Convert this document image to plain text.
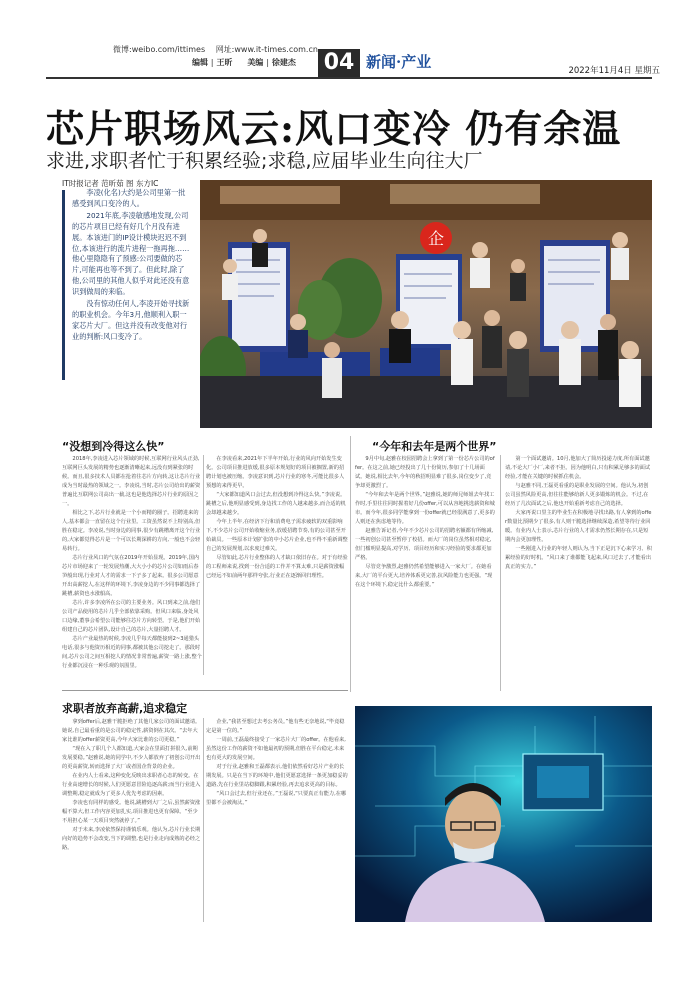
微博:weibo.com/ittimes 网址:www.it-times.com.cn
编辑 | 王昕 美编 | 徐建杰 04 新闻·产业	2022年11月4日 星期五
芯片职场风云:风口变冷 仍有余温
求进,求职者忙于积累经验;求稳,应届毕业生向往大厂
IT时报记者 范昕茹 图 东方IC

李凌(化名)大约是公司里第一批感受到风口变冷的人。

2021年底,李凌敏感地发现,公司的芯片项目已经有好几个月没有进展。本该进门的IP设计模块迟迟不到位,本该进行的流片进程一拖再拖……他心里隐隐有了预感:公司要做的芯片,可能再也等不到了。但此时,除了他,公司里的其他人似乎对此还没有意识到做局的来临。

没有惊动任何人,李凌开始寻找新的职业机会。今年3月,他顺利入职一家芯片大厂。但这并没有改变他对行业的判断:风口变冷了。

企
“没想到冷得这么快”

2018年,李凌进入芯片领域的时候,互联网行业风头正劲,互联网巨头发展的精势也逐渐清晰起来,远没有到紧张的时候。而且,很多技术人员都在抢着往芯片方向转,这让芯片行业成为当时最热的领域之一。李凌说,当时,芯片公司给出的薪资普遍比互联网公司高出一截,这也是他选择芯片行业的原因之一。

相比之下,芯片行业就是一个小而精的圈子。招聘进来的人,基本都会一直留在这个行业里。工资虽然说不上特别高,但胜在稳定。李凌说,当时身边的同事,很少有跳槽离开这个行业的,大家都觉得芯片是一个可以长期深耕的方向,一般也不会轻易转行。

芯片行业风口的气氛在2019年开始显现。2019年,国内芯片市场迎来了一轮发展热潮,大大小小的芯片公司如雨后春笋般出现,行业对人才的需求一下子多了起来。很多公司愿意开出高薪挖人,在这样的环境下,李凌身边的不少同事都选择了跳槽,薪资也水涨船高。

芯片,许多李凌所在公司的主要业务。风口到来之前,他们公司产品使用的芯片几乎全部依靠采购。但风口来临,身处风口边缘,董事会希望公司能够往芯片方向转型。于是,他们开始组建自己的芯片团队,设计自己的芯片,大量招聘人才。

芯片产业最热的时候,李凌几乎每天都能接到2~3通猎头电话,很多与他资历相近的同事,都被其他公司挖走了。那段时间,芯片公司之间互相挖人的情况非常普遍,薪资一路上涨,整个行业都沉浸在一种乐观的氛围里。

在李凌看来,2021年下半年开始,行业的风向开始发生变化。公司项目推进放缓,很多原本规划好的项目被搁置,新的招聘计划也被压缩。李凌意识到,芯片行业的寒冬,可能比很多人预想的来得更早。

“大家都知道风口会过去,但没想到冷得这么快。”李凌说。跳槽之后,他明显感受到,身边找工作的人越来越多,而合适的机会却越来越少。

今年上半年,在经济下行和消费电子需求疲软的双重影响下,不少芯片公司开始收缩业务,放缓招聘节奏,有的公司甚至开始裁员。一些原本计划扩张的中小芯片企业,也不得不重新调整自己的发展规划,以求度过难关。

尽管如此,芯片行业整体的人才缺口依旧存在。对于有经验的工程师来说,找到一份合适的工作并不算太难,只是薪资涨幅已经远不如前两年那样夸张,行业正在逐渐回归理性。

“今年和去年是两个世界”

9月中旬,赵雅在校园招聘会上拿到了第一份芯片公司的offer。在这之前,她已经投出了几十份简历,参加了十几场面试。她说,相比去年,今年的秋招明显难了很多,岗位变少了,竞争却更激烈了。

“今年和去年是两个世界。”赵雅说,她的师兄师姐去年找工作时,手里往往同时握着好几份offer,可以从容地挑选薪资和城市。而今年,很多同学能拿到一份offer就已经很满意了,更多的人则还在焦虑地等待。

赵雅告诉记者,今年不少芯片公司的招聘名额都有所缩减,一些初创公司甚至暂停了校招。而大厂的岗位虽然相对稳定,但门槛明显提高,对学历、项目经历和实习经验的要求都更加严格。

尽管竞争激烈,赵雅仍然希望能够进入一家大厂。在她看来,大厂的平台更大,培养体系更完善,抗风险能力也更强。“现在这个环境下,稳定比什么都重要。”

第一个面试邀请。10月,他加大了简历投递力度,所有面试邀请,不论大厂小厂,来者不拒。因为他明白,只有积累足够多的面试经验,才能在关键的时候抓住机会。

与赵雅不同,王磊更看重的是职业发展的空间。他认为,初创公司虽然风险更高,但往往能够给新人更多锻炼的机会。不过,在经历了几次面试之后,他也开始重新考虑自己的选择。

大家再说口里主的毕业生在积极地寻找出路,有人拿到的offer数量比预期少了很多,有人则干脆选择继续深造,希望等待行业回暖。有业内人士表示,芯片行业的人才需求仍然长期存在,只是短期内会更加理性。

一些刚进入行业的年轻人则认为,当下正是沉下心来学习、积累经验的好时机。“风口来了谁都能飞起来,风口过去了,才能看出真正的实力。”

求职者放弃高薪,追求稳定

拿到offer后,赵雅干脆拒绝了其他几家公司的面试邀请。她说,自己最看重的是公司的稳定性,薪资倒在其次。“去年大家比谁的offer薪资更高,今年大家比谁的公司更稳。”

“现在入了职几个人都知道,大家会在里面打拼很久,前期发展要稳。”赵雅说,她的同学中,不少人都放弃了初创公司开出的更高薪资,转而选择了大厂或者国企背景的企业。

在业内人士看来,这种变化反映出求职者心态的转变。在行业高速增长的时候,人们更愿意冒险追逐高薪;而当行业进入调整期,稳定就成为了更多人优先考虑的因素。

李凌也有同样的感受。他说,跳槽到大厂之后,虽然薪资涨幅不算大,但工作内容更加扎实,项目推进也更有保障。“至少不用担心某一天项目突然就停了。”

对于未来,李凌依然保持谨慎乐观。他认为,芯片行业长期向好的趋势不会改变,当下的调整,也是行业走向成熟的必经之路。

企业,“我甚至想过去考公务员。”他有些无奈地说,“毕竟稳定是第一位的。”

一周前,王磊最终接受了一家芯片大厂的offer。在他看来,虽然这份工作的薪资不如他最初的预期,但胜在平台稳定,未来也有更大的发展空间。

对于行业,赵雅和王磊都表示,他们依然看好芯片产业的长期发展。只是在当下的环境中,他们更愿意选择一条更加稳妥的道路,先在行业里站稳脚跟,积累经验,再去追求更高的目标。

“风口会过去,但行业还在。”王磊说,“只要真正有能力,在哪里都不会被淘汰。”
